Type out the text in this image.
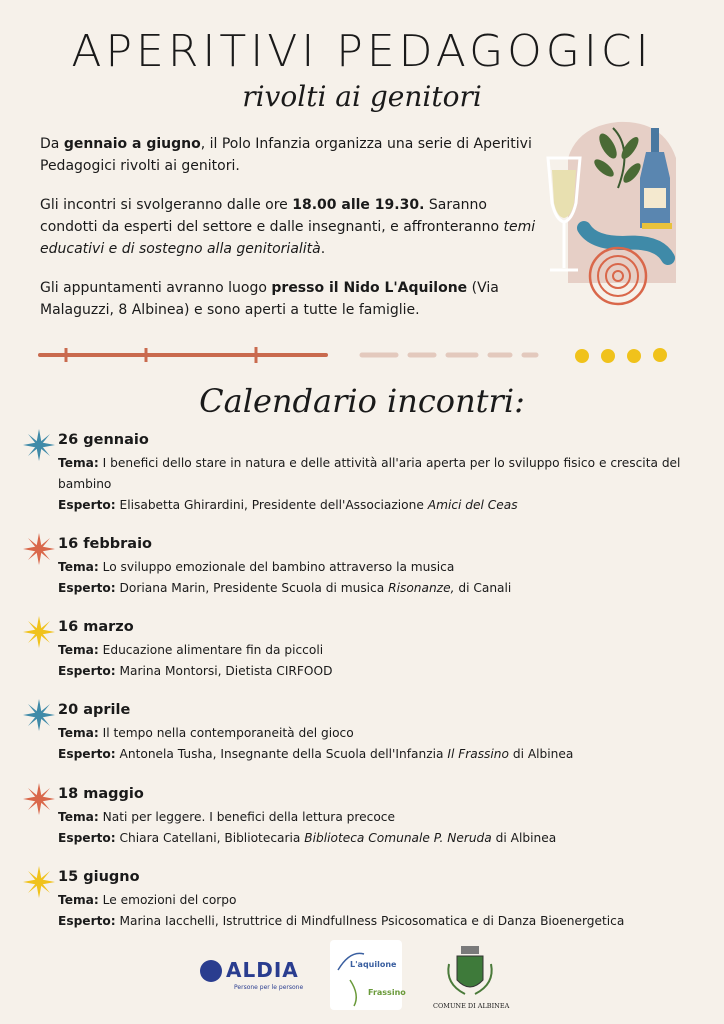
APERITIVI PEDAGOGICI
rivolti ai genitori

Da gennaio a giugno, il Polo Infanzia organizza una serie di Aperitivi Pedagogici rivolti ai genitori.

Gli incontri si svolgeranno dalle ore 18.00 alle 19.30. Saranno condotti da esperti del settore e dalle insegnanti, e affronteranno temi educativi e di sostegno alla genitorialità.

Gli appuntamenti avranno luogo presso il Nido L'Aquilone (Via Malaguzzi, 8 Albinea) e sono aperti a tutte le famiglie.

Calendario incontri:
26 gennaio
Tema: I benefici dello stare in natura e delle attività all'aria aperta per lo sviluppo fisico e crescita del bambino
Esperto: Elisabetta Ghirardini, Presidente dell'Associazione Amici del Ceas
16 febbraio
Tema: Lo sviluppo emozionale del bambino attraverso la musica
Esperto: Doriana Marin, Presidente Scuola di musica Risonanze, di Canali
16 marzo
Tema: Educazione alimentare fin da piccoli
Esperto: Marina Montorsi, Dietista CIRFOOD
20 aprile
Tema: Il tempo nella contemporaneità del gioco
Esperto: Antonela Tusha, Insegnante della Scuola dell'Infanzia Il Frassino di Albinea
18 maggio
Tema: Nati per leggere. I benefici della lettura precoce
Esperto: Chiara Catellani, Bibliotecaria Biblioteca Comunale P. Neruda di Albinea
15 giugno
Tema: Le emozioni del corpo
Esperto: Marina Iacchelli, Istruttrice di Mindfullness Psicosomatica e di Danza Bioenergetica
ALDIA
Persone per le persone
L'aquilone
Frassino
COMUNE DI ALBINEA
